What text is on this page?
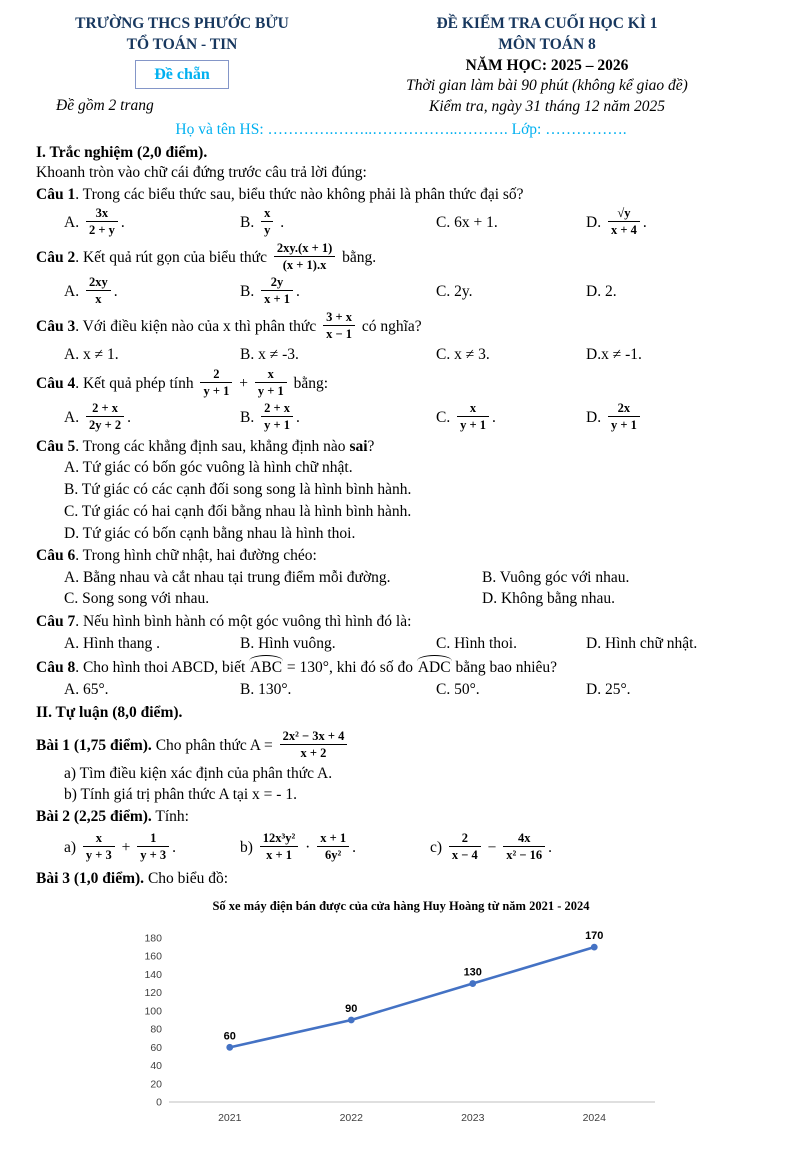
TRƯỜNG THCS PHƯỚC BỬU
TỔ TOÁN - TIN
Đề chẵn
Đề gồm 2 trang
ĐỀ KIỂM TRA CUỐI HỌC KÌ 1
MÔN TOÁN 8
NĂM HỌC: 2025 – 2026
Thời gian làm bài 90 phút (không kể giao đề)
Kiểm tra, ngày 31 tháng 12 năm 2025
Họ và tên HS: ………….……..……………..………. Lớp: …………….
I. Trắc nghiệm (2,0 điểm).
Khoanh tròn vào chữ cái đứng trước câu trả lời đúng:

Câu 1. Trong các biểu thức sau, biểu thức nào không phải là phân thức đại số?

A. $\frac{3x}{2 + y}$ .	B. $\frac{x}{y}$ .	C. 6x + 1.	D. $\frac{√y}{x + 4}$ .

Câu 2. Kết quả rút gọn của biểu thức $\frac{2xy.(x + 1)}{(x + 1).x}$ bằng.

A. $\frac{2xy}{x}$ .	B. $\frac{2y}{x + 1}$ .	C. 2y.	D. 2.

Câu 3. Với điều kiện nào của x thì phân thức $\frac{3 + x}{x - 1}$ có nghĩa?

A. x ≠ 1.	B. x ≠ -3.	C. x ≠ 3.	D.x ≠ -1.

Câu 4. Kết quả phép tính $\frac{2}{y + 1} + \frac{x}{y + 1}$ bằng:

A. $\frac{2 + x}{2y + 2}$ .	B. $\frac{2 + x}{y + 1}$ .	C. $\frac{x}{y + 1}$ .	D. $\frac{2x}{y + 1}$

Câu 5. Trong các khẳng định sau, khẳng định nào sai?

A. Tứ giác có bốn góc vuông là hình chữ nhật.
B. Tứ giác có các cạnh đối song song là hình bình hành.
C. Tứ giác có hai cạnh đối bằng nhau là hình bình hành.
D. Tứ giác có bốn cạnh bằng nhau là hình thoi.

Câu 6. Trong hình chữ nhật, hai đường chéo:

A. Bằng nhau và cắt nhau tại trung điểm mỗi đường.	B. Vuông góc với nhau.
C. Song song với nhau.	D. Không bằng nhau.

Câu 7. Nếu hình bình hành có một góc vuông thì hình đó là:

A. Hình thang .	B. Hình vuông.	C. Hình thoi.	D. Hình chữ nhật.

Câu 8. Cho hình thoi ABCD, biết ABC = 130°, khi đó số đo ADC bằng bao nhiêu?

A. 65°.	B. 130°.	C. 50°.	D. 25°.
II. Tự luận (8,0 điểm).

Bài 1 (1,75 điểm). Cho phân thức $A = \frac{\text{2x² − 3x + 4}}{x + 2}$

a) Tìm điều kiện xác định của phân thức A.
b) Tính giá trị phân thức A tại x = - 1.

Bài 2 (2,25 điểm). Tính:

$a) \frac{x}{y + 3} + \frac{1}{y + 3}$ .	$b) \frac{\text{12x³y²}}{x + 1} \cdot \frac{x + 1}{\text{6y²}}$ .	$c) \frac{2}{x - 4} - \frac{4x}{\text{x² − 16}}$ .

Bài 3 (1,0 điểm). Cho biểu đồ:

Số xe máy điện bán được của cửa hàng Huy Hoàng từ năm 2021 - 2024
0
20
40
60
80
100
120
140
160
180
60
2021
90
2022
130
2023
170
2024
